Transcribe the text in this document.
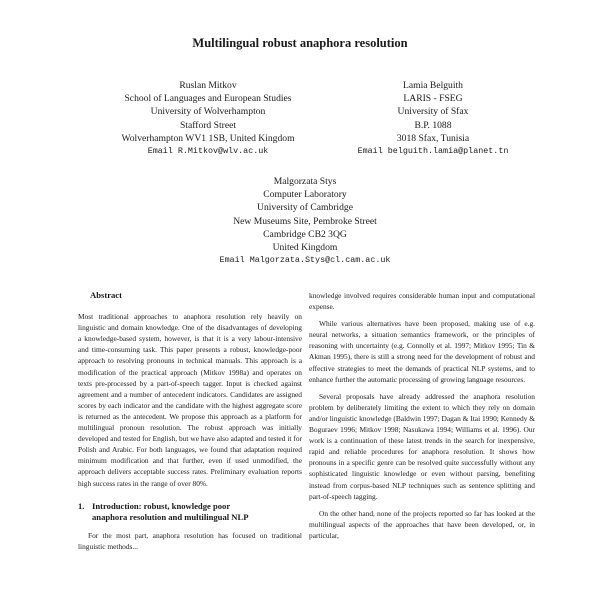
Multilingual robust anaphora resolution
Ruslan Mitkov
School of Languages and European Studies
University of Wolverhampton
Stafford Street
Wolverhampton WV1 1SB, United Kingdom
Email R.Mitkov@wlv.ac.uk
Lamia Belguith
LARIS - FSEG
University of Sfax
B.P. 1088
3018 Sfax, Tunisia
Email belguith.lamia@planet.tn
Malgorzata Stys
Computer Laboratory
University of Cambridge
New Museums Site, Pembroke Street
Cambridge CB2 3QG
United Kingdom
Email Malgorzata.Stys@cl.cam.ac.uk
Abstract
Most traditional approaches to anaphora resolution rely heavily on linguistic and domain knowledge. One of the disadvantages of developing a knowledge-based system, however, is that it is a very labour-intensive and time-consuming task. This paper presents a robust, knowledge-poor approach to resolving pronouns in technical manuals. This approach is a modification of the practical approach (Mitkov 1998a) and operates on texts pre-processed by a part-of-speech tagger. Input is checked against agreement and a number of antecedent indicators. Candidates are assigned scores by each indicator and the candidate with the highest aggregate score is returned as the antecedent. We propose this approach as a platform for multilingual pronoun resolution. The robust approach was initially developed and tested for English, but we have also adapted and tested it for Polish and Arabic. For both languages, we found that adaptation required minimum modification and that further, even if used unmodified, the approach delivers acceptable success rates. Preliminary evaluation reports high success rates in the range of over 80%.
1. Introduction: robust, knowledge poor
anaphora resolution and multilingual NLP
For the most part, anaphora resolution has focused on traditional linguistic methods...
knowledge involved requires considerable human input and computational expense.
While various alternatives have been proposed, making use of e.g. neural networks, a situation semantics framework, or the principles of reasoning with uncertainty (e.g. Connolly et al. 1997; Mitkov 1995; Tin & Akman 1995), there is still a strong need for the development of robust and effective strategies to meet the demands of practical NLP systems, and to enhance further the automatic processing of growing language resources.
Several proposals have already addressed the anaphora resolution problem by deliberately limiting the extent to which they rely on domain and/or linguistic knowledge (Baldwin 1997; Dagan & Itai 1990; Kennedy & Boguraev 1996; Mitkov 1998; Nasukawa 1994; Williams et al. 1996). Our work is a continuation of these latest trends in the search for inexpensive, rapid and reliable procedures for anaphora resolution. It shows how pronouns in a specific genre can be resolved quite successfully without any sophisticated linguistic knowledge or even without parsing, benefiting instead from corpus-based NLP techniques such as sentence splitting and part-of-speech tagging.
On the other hand, none of the projects reported so far has looked at the multilingual aspects of the approaches that have been developed, or, in particular,
